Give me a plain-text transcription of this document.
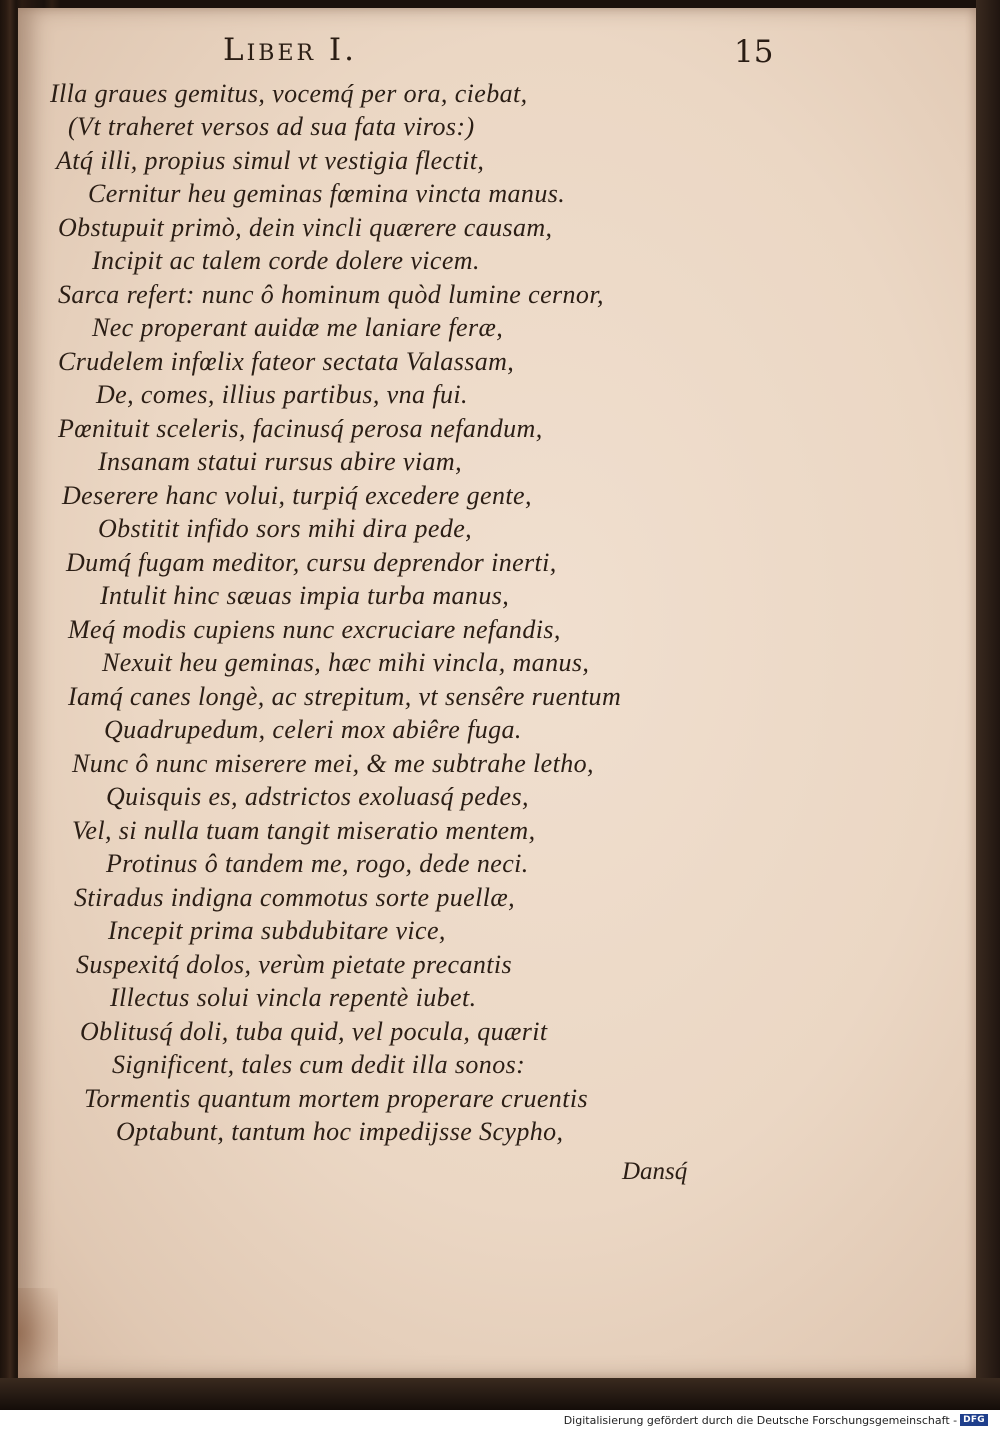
Liber I.	15
Illa graues gemitus, vocemq́ per ora, ciebat,
(Vt traheret versos ad sua fata viros:)
Atq́ illi, propius simul vt vestigia flectit,
Cernitur heu geminas fœmina vincta manus.
Obstupuit primò, dein vincli quærere causam,
Incipit ac talem corde dolere vicem.
Sarca refert: nunc ô hominum quòd lumine cernor,
Nec properant auidæ me laniare feræ,
Crudelem infœlix fateor sectata Valassam,
De, comes, illius partibus, vna fui.
Pœnituit sceleris, facinusq́ perosa nefandum,
Insanam statui rursus abire viam,
Deserere hanc volui, turpiq́ excedere gente,
Obstitit infido sors mihi dira pede,
Dumq́ fugam meditor, cursu deprendor inerti,
Intulit hinc sæuas impia turba manus,
Meq́ modis cupiens nunc excruciare nefandis,
Nexuit heu geminas, hæc mihi vincla, manus,
Iamq́ canes longè, ac strepitum, vt sensêre ruentum
Quadrupedum, celeri mox abiêre fuga.
Nunc ô nunc miserere mei, & me subtrahe letho,
Quisquis es, adstrictos exoluasq́ pedes,
Vel, si nulla tuam tangit miseratio mentem,
Protinus ô tandem me, rogo, dede neci.
Stiradus indigna commotus sorte puellæ,
Incepit prima subdubitare vice,
Suspexitq́ dolos, verùm pietate precantis
Illectus solui vincla repentè iubet.
Oblitusq́ doli, tuba quid, vel pocula, quærit
Significent, tales cum dedit illa sonos:
Tormentis quantum mortem properare cruentis
Optabunt, tantum hoc impedijsse Scypho,
Dansq́
Digitalisierung gefördert durch die Deutsche Forschungsgemeinschaft - DFG
